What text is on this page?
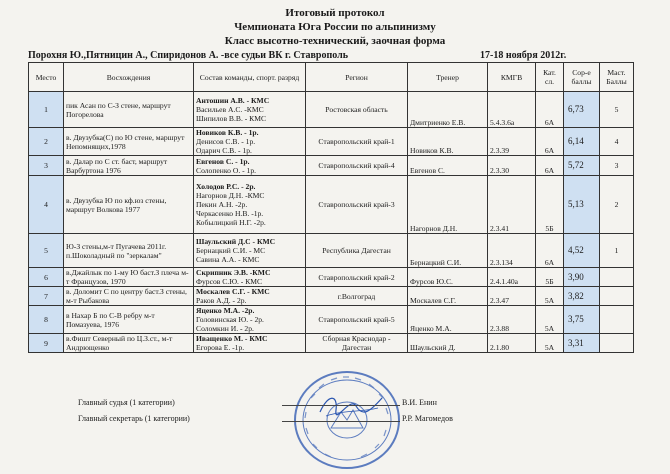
Итоговый протокол
Чемпионата Юга России по альпинизму
Класс высотно-технический, заочная форма
Порохня Ю.,Пятницин А., Спиридонов А. -все судьи ВК г. Ставрополь	17-18 ноября 2012г.
Место	Восхождения	Состав команды, спорт. разряд	Регион	Тренер	КМГВ	Кат. сл.	Сор-е баллы	Маст. Баллы
1	пик Асан по С-З стене, маршрут Погорелова	Антошин А.В. - КМС
Васильев А.С. -КМС
Шипилов В.В. - КМС	Ростовская область	Дмитриенко Е.В.	5.4.3.6а	6А	6,73	5
2	в. Двузубка(С) по Ю стене, маршрут Непомнящих,1978	Новиков К.В. - 1р.
Денисов С.В. - 1р.
Одарич С.В. - 1р.	Ставропольский край-1	Новиков К.В.	2.3.39	6А	6,14	4
3	в. Далар по С ст. баст, маршрут Варбуртона 1976	Евгенов С. - 1р.
Солопенко О. - 1р.	Ставропольский край-4	Евгенов С.	2.3.30	6А	5,72	3
4	в. Двузубка Ю по кф.юз стены, маршрут Волкова 1977	Холодов Р.С. - 2р.
Нагорнов Д.Н. -КМС
Пекин А.Н. -2р.
Черкасенко Н.В. -1р.
Кобылицкий Н.Г. -2р.	Ставропольский край-3	Нагорнов Д.Н.	2.3.41	5Б	5,13	2
5	Ю-З стены,м-т Пугачева 2011г. п.Шоколадный по "зеркалам"	Шаульский Д.С - КМС
Бернацкий С.И. - МС
Савина А.А. - КМС	Республика Дагестан	Бернацкий С.И.	2.3.134	6А	4,52	1
6	в.Джайлык по 1-му Ю баст.З плеча м-т Французов, 1970	Скрипник Э.В. -КМС
Фурсов С.Ю. - КМС	Ставропольский край-2	Фурсов Ю.С.	2.4.1.40а	5Б	3,90	
7	в. Доломит С по центру баст.З стены, м-т Рыбакова	Москалев С.Г. - КМС
Раков А.Д. - 2р.	г.Волгоград	Москалев С.Г.	2.3.47	5А	3,82	
8	в Нахар Б по С-В ребру м-т Помазуева, 1976	Яценко М.А. -2р.
Головинская Ю. - 2р.
Соломкин И. - 2р.	Ставропольский край-5	Яценко М.А.	2.3.88	5А	3,75	
9	в.Фишт Северный по Ц.З.ст., м-т Андрющенко	Иващенко М. - КМС
Егорова Е. -1р.	Сборная Краснодар - Дагестан	Шаульский Д.	2.1.80	5А	3,31	
Главный судья (1 категории)	В.И. Енин
Главный секретарь (1 категории)	Р.Р. Магомедов
